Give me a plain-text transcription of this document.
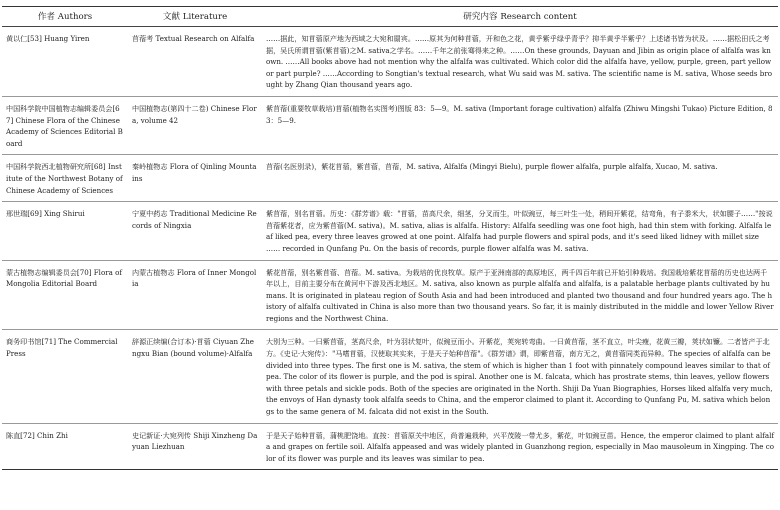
作者 Authors	文献 Literature	研究内容 Research content
黄以仁[53] Huang Yiren	苜蓿考 Textual Research on Alfalfa	……据此，知苜蓿原产地为西域之大宛和罽宾。……原其为何种苜蓿，开和色之花，黄乎紫乎绿乎青乎？抑半黄乎半紫乎？上述诸书皆为状及。……据松田氏之考据，吴氏所谓苜蓿(紫苜蓿)之M. sativa之学名。……千年之前张骞得来之种。……On these grounds, Dayuan and Jibin as origin place of alfalfa was known. ……All books above had not mention why the alfalfa was cultivated. Which color did the alfalfa have, yellow, purple, green, part yellow or part purple? ……According to Songtian's textual research, what Wu said was M. sativa. The scientific name is M. sativa, Whose seeds brought by Zhang Qian thousand years ago.
中国科学院中国植物志编辑委员会[67] Chinese Flora of the Chinese Academy of Sciences Editorial Board	中国植物志(第四十二卷) Chinese Flora, volume 42	紫苜蓿(重要牧草栽培)苜蓿(植物名实图考)图版 83：5—9。M. sativa (Important forage cultivation) alfalfa (Zhiwu Mingshi Tukao) Picture Edition, 83：5—9.
中国科学院西北植物研究所[68] Institute of the Northwest Botany of Chinese Academy of Sciences	秦岭植物志 Flora of Qinling Mountains	苜蓿(名医别录)，紫花苜蓿，紫苜蓿，苜蓿，M. sativa, Alfalfa (Mingyi Bielu), purple flower alfalfa, purple alfalfa, Xucao, M. sativa.
邢世瑞[69] Xing Shirui	宁夏中药志 Traditional Medicine Records of Ningxia	紫苜蓿，别名苜蓿。历史：《群芳谱》载："苜蓿，苗高尺余，细茎，分叉而生，叶似豌豆，每三叶生一处，稍间开紫花，结弯角，有子黍米大，状如腰子……"按说苜蓿紫花者，应为紫苜蓿(M. sativa)。M. sativa, alias is alfalfa. History: Alfalfa seedling was one foot high, had thin stem with forking. Alfalfa leaf liked pea, every three leaves growed at one point. Alfalfa had purple flowers and spiral pods, and it's seed liked lidney with millet size …… recorded in Qunfang Pu. On the basis of records, purple flower alfalfa was M. sativa.
蒙古植物志编辑委员会[70] Flora of Mongolia Editorial Board	内蒙古植物志 Flora of Inner Mongolia	紫花苜蓿，别名紫苜蓿、苜蓿。M. sativa。为栽培的优良牧草。原产于亚洲南部的高原地区，两千四百年前已开始引种栽培。我国栽培紫花苜蓿的历史也达两千年以上，目前主要分布在黄河中下游及西北地区。M. sativa, also known as purple alfalfa and alfalfa, is a palatable herbage plants cultivated by humans. It is originated in plateau region of South Asia and had been introduced and planted two thousand and four hundred years ago. The history of alfalfa cultivated in China is also more than two thousand years. So far, it is mainly distributed in the middle and lower Yellow River regions and the Northwest China.
商务印书馆[71] The Commercial Press	辞源正续编(合订本)·苜蓿 Ciyuan Zhengxu Bian (bound volume)·Alfalfa	大别为三种。一曰紫苜蓿，茎高尺余，叶为羽状复叶，似豌豆而小。开紫花，荚宛转弯曲。一曰黄苜蓿，茎不直立，叶尖瘦，花黄三瓣，荚状如镰。二者皆产于北方。《史记·大宛传》："马嗜苜蓿，汉使取其实来，于是天子始种苜蓿"。《群芳谱》谓，即紫苜蓿，南方无之，黄苜蓿同类而异种。The species of alfalfa can be divided into three types. The first one is M. sativa, the stem of which is higher than 1 foot with pinnately compound leaves similar to that of pea. The color of its flower is purple, and the pod is spiral. Another one is M. falcata, which has prostrate stems, thin leaves, yellow flowers with three petals and sickle pods. Both of the species are originated in the North. Shiji Da Yuan Biographies, Horses liked alfalfa very much, the envoys of Han dynasty took alfalfa seeds to China, and the emperor claimed to plant it. According to Qunfang Pu, M. sativa which belongs to the same genera of M. falcata did not exist in the South.
陈直[72] Chin Zhi	史记新证·大宛列传 Shiji Xinzheng Dayuan Liezhuan	于是天子始种苜蓿，蒲桃肥饶地。直按：苜蓿原关中地区，尚普遍栽种，兴平茂陵一带尤多，紫花，叶如豌豆苗。Hence, the emperor claimed to plant alfalfa and grapes on fertile soil. Alfalfa appeased and was widely planted in Guanzhong region, especially in Mao mausoleum in Xingping. The color of its flower was purple and its leaves was similar to pea.
